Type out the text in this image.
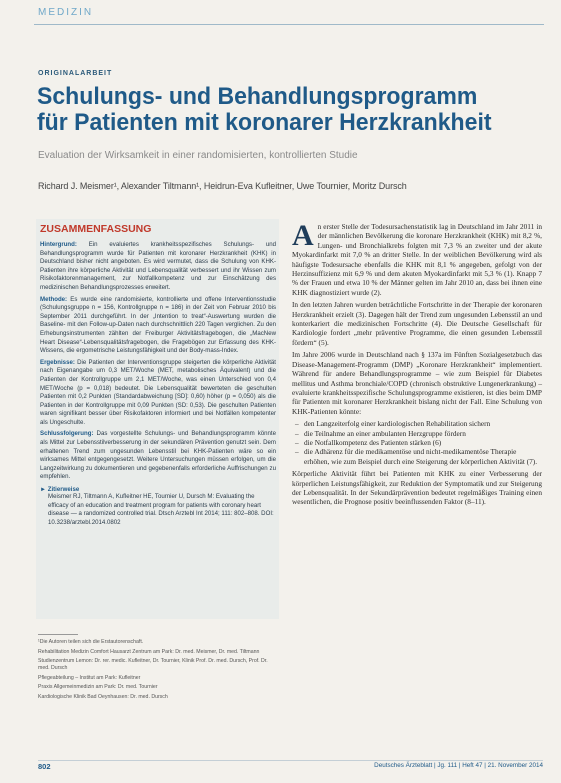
MEDIZIN
ORIGINALARBEIT
Schulungs- und Behandlungsprogramm
für Patienten mit koronarer Herzkrankheit
Evaluation der Wirksamkeit in einer randomisierten, kontrollierten Studie
Richard J. Meismer¹, Alexander Tiltmann¹, Heidrun-Eva Kufleitner, Uwe Tournier, Moritz Dursch
ZUSAMMENFASSUNG

Hintergrund: Ein evaluiertes krankheitsspezifisches Schulungs- und Behandlungsprogramm wurde für Patienten mit koronarer Herzkrankheit (KHK) in Deutschland bisher nicht angeboten. Es wird vermutet, dass die Schulung von KHK-Patienten ihre körperliche Aktivität und Lebensqualität verbessert und ihr Wissen zum Risikofaktorenmanagement, zur Notfallkompetenz und zur Einschätzung des medizinischen Behandlungsprozesses erweitert.

Methode: Es wurde eine randomisierte, kontrollierte und offene Interventionsstudie (Schulungsgruppe n = 156, Kontrollgruppe n = 186) in der Zeit von Februar 2010 bis September 2011 durchgeführt. In der „Intention to treat“-Auswertung wurden die Baseline- mit den Follow-up-Daten nach durchschnittlich 220 Tagen verglichen. Zu den Erhebungsinstrumenten zählten der Freiburger Aktivitätsfragebogen, die „MacNew Heart Disease“-Lebensqualitätsfragebogen, die Fragebögen zur Erfassung des KHK-Wissens, die ergometrische Leistungsfähigkeit und der Body-mass-Index.

Ergebnisse: Die Patienten der Interventionsgruppe steigerten die körperliche Aktivität nach Eigenangabe um 0,3 MET/Woche (MET, metabolisches Äquivalent) und die Patienten der Kontrollgruppe um 2,1 MET/Woche, was einen Unterschied von 0,4 MET/Woche (p = 0,018) bedeutet. Die Lebensqualität bewerteten die geschulten Patienten mit 0,2 Punkten (Standardabweichung [SD]: 0,60) höher (p = 0,050) als die Patienten in der Kontrollgruppe mit 0,09 Punkten (SD: 0,53). Die geschulten Patienten waren signifikant besser über Risikofaktoren informiert und bei Notfällen kompetenter als Ungeschulte.

Schlussfolgerung: Das vorgestellte Schulungs- und Behandlungsprogramm könnte als Mittel zur Lebensstilverbesserung in der sekundären Prävention genutzt sein. Dem erhaltenen Trend zum ungesunden Lebensstil bei KHK-Patienten wäre so ein wirksames Mittel entgegengesetzt. Weitere Untersuchungen müssen erfolgen, um die Langzeitwirkung zu dokumentieren und gegebenenfalls erforderliche Auffrischungen zu empfehlen.

► Zitierweise

Meismer RJ, Tiltmann A, Kufleitner HE, Tournier U, Dursch M: Evaluating the efficacy of an education and treatment program for patients with coronary heart disease — a randomized controlled trial. Dtsch Arztebl Int 2014; 111: 802–808. DOI: 10.3238/arztebl.2014.0802

¹Die Autoren teilen sich die Erstautorenschaft.

Rehabilitation Medizin Comfort Hausarzt Zentrum am Park: Dr. med. Meismer, Dr. med. Tiltmann

Studienzentrum Lemon: Dr. rer. medic. Kufleitner, Dr. Tournier, Klinik Prof. Dr. med. Dursch, Prof. Dr. med. Dursch

Pflegeabteilung – Institut am Park: Kufleitner

Praxis Allgemeinmedizin am Park: Dr. med. Tournier

Kardiologische Klinik Bad Oeynhausen: Dr. med. Dursch

A n erster Stelle der Todesursachenstatistik lag in Deutschland im Jahr 2011 in der männlichen Bevölkerung die koronare Herzkrankheit (KHK) mit 8,2 %, Lungen- und Bronchialkrebs folgten mit 7,3 % an zweiter und der akute Myokardinfarkt mit 7,0 % an dritter Stelle. In der weiblichen Bevölkerung wird als häufigste Todesursache ebenfalls die KHK mit 8,1 % angegeben, gefolgt von der Herzinsuffizienz mit 6,9 % und dem akuten Myokardinfarkt mit 5,3 % (1). Knapp 7 % der Frauen und etwa 10 % der Männer gelten im Jahr 2010 an, dass bei ihnen eine KHK diagnostiziert wurde (2).

In den letzten Jahren wurden beträchtliche Fortschritte in der Therapie der koronaren Herzkrankheit erzielt (3). Dagegen hält der Trend zum ungesunden Lebensstil an und konterkariert die medizinischen Fortschritte (4). Die Deutsche Gesellschaft für Kardiologie fordert „mehr präventive Programme, die einen gesunden Lebensstil fördern“ (5).

Im Jahre 2006 wurde in Deutschland nach § 137a im Fünften Sozialgesetzbuch das Disease-Management-Programm (DMP) „Koronare Herzkrankheit“ implementiert. Während für andere Behandlungsprogramme – wie zum Beispiel für Diabetes mellitus und Asthma bronchiale/COPD (chronisch obstruktive Lungenerkrankung) – evaluierte krankheitsspezifische Schulungsprogramme existieren, ist dies beim DMP für Patienten mit koronarer Herzkrankheit bislang nicht der Fall. Eine Schulung von KHK-Patienten könnte:

– den Langzeiterfolg einer kardiologischen Rehabilitation sichern
– die Teilnahme an einer ambulanten Herzgruppe fördern
– die Notfallkompetenz des Patienten stärken (6)
– die Adhärenz für die medikamentöse und nicht-medikamentöse Therapie erhöhen, wie zum Beispiel durch eine Steigerung der körperlichen Aktivität (7).

Körperliche Aktivität führt bei Patienten mit KHK zu einer Verbesserung der körperlichen Leistungsfähigkeit, zur Reduktion der Symptomatik und zur Steigerung der Lebensqualität. In der Sekundärprävention bedeutet regelmäßiges Training einen wesentlichen, die Prognose positiv beeinflussenden Faktor (8–11).

802	Deutsches Ärzteblatt | Jg. 111 | Heft 47 | 21. November 2014
